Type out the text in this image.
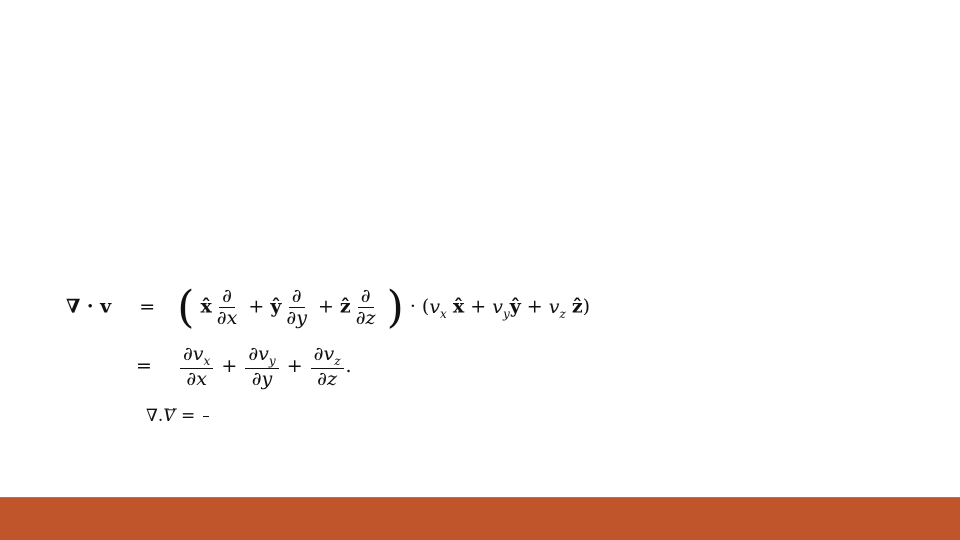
∇ · v = ( x̂ $\frac{\partial}{\partial x}$ + ŷ $\frac{\partial}{\partial y}$ + ẑ $\frac{\partial}{\partial z}$ ) · ($v_x$ x̂ + $v_yŷ + v_z$ ẑ)
= $\frac{\partial v_x}{\partial x} + \frac{\partial v_y}{\partial y} + \frac{\partial v_z}{\partial z}$ .
∇.V⃗ =
